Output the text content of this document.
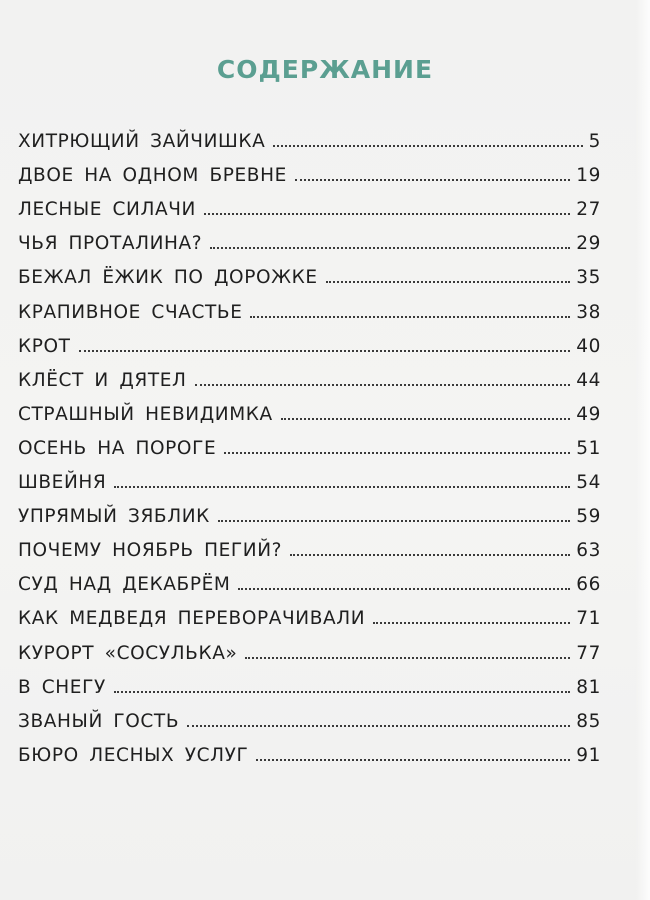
СОДЕРЖАНИЕ
ХИТРЮЩИЙ ЗАЙЧИШКА	5
ДВОЕ НА ОДНОМ БРЕВНЕ	19
ЛЕСНЫЕ СИЛАЧИ	27
ЧЬЯ ПРОТАЛИНА?	29
БЕЖАЛ ЁЖИК ПО ДОРОЖКЕ	35
КРАПИВНОЕ СЧАСТЬЕ	38
КРОТ	40
КЛЁСТ И ДЯТЕЛ	44
СТРАШНЫЙ НЕВИДИМКА	49
ОСЕНЬ НА ПОРОГЕ	51
ШВЕЙНЯ	54
УПРЯМЫЙ ЗЯБЛИК	59
ПОЧЕМУ НОЯБРЬ ПЕГИЙ?	63
СУД НАД ДЕКАБРЁМ	66
КАК МЕДВЕДЯ ПЕРЕВОРАЧИВАЛИ	71
КУРОРТ «СОСУЛЬКА»	77
В СНЕГУ	81
ЗВАНЫЙ ГОСТЬ	85
БЮРО ЛЕСНЫХ УСЛУГ	91
